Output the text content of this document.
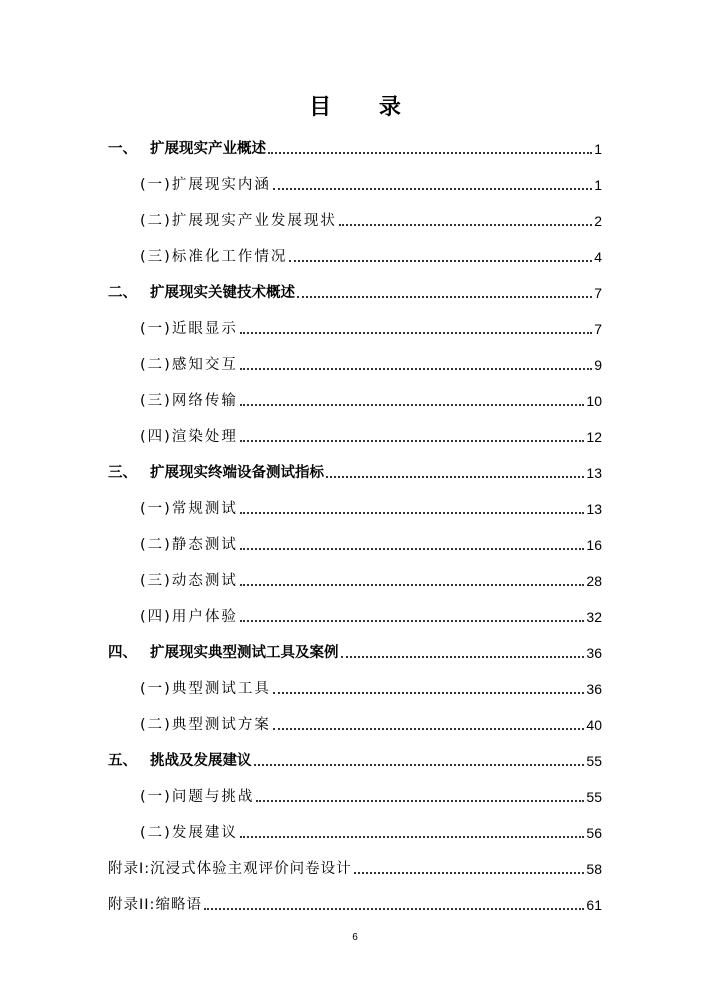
目 录
一、 扩展现实产业概述	1
(一)扩展现实内涵	1
(二)扩展现实产业发展现状	2
(三)标准化工作情况	4
二、 扩展现实关键技术概述	7
(一)近眼显示	7
(二)感知交互	9
(三)网络传输	10
(四)渲染处理	12
三、 扩展现实终端设备测试指标	13
(一)常规测试	13
(二)静态测试	16
(三)动态测试	28
(四)用户体验	32
四、 扩展现实典型测试工具及案例	36
(一)典型测试工具	36
(二)典型测试方案	40
五、 挑战及发展建议	55
(一)问题与挑战	55
(二)发展建议	56
附录I:沉浸式体验主观评价问卷设计	58
附录II:缩略语	61
6
